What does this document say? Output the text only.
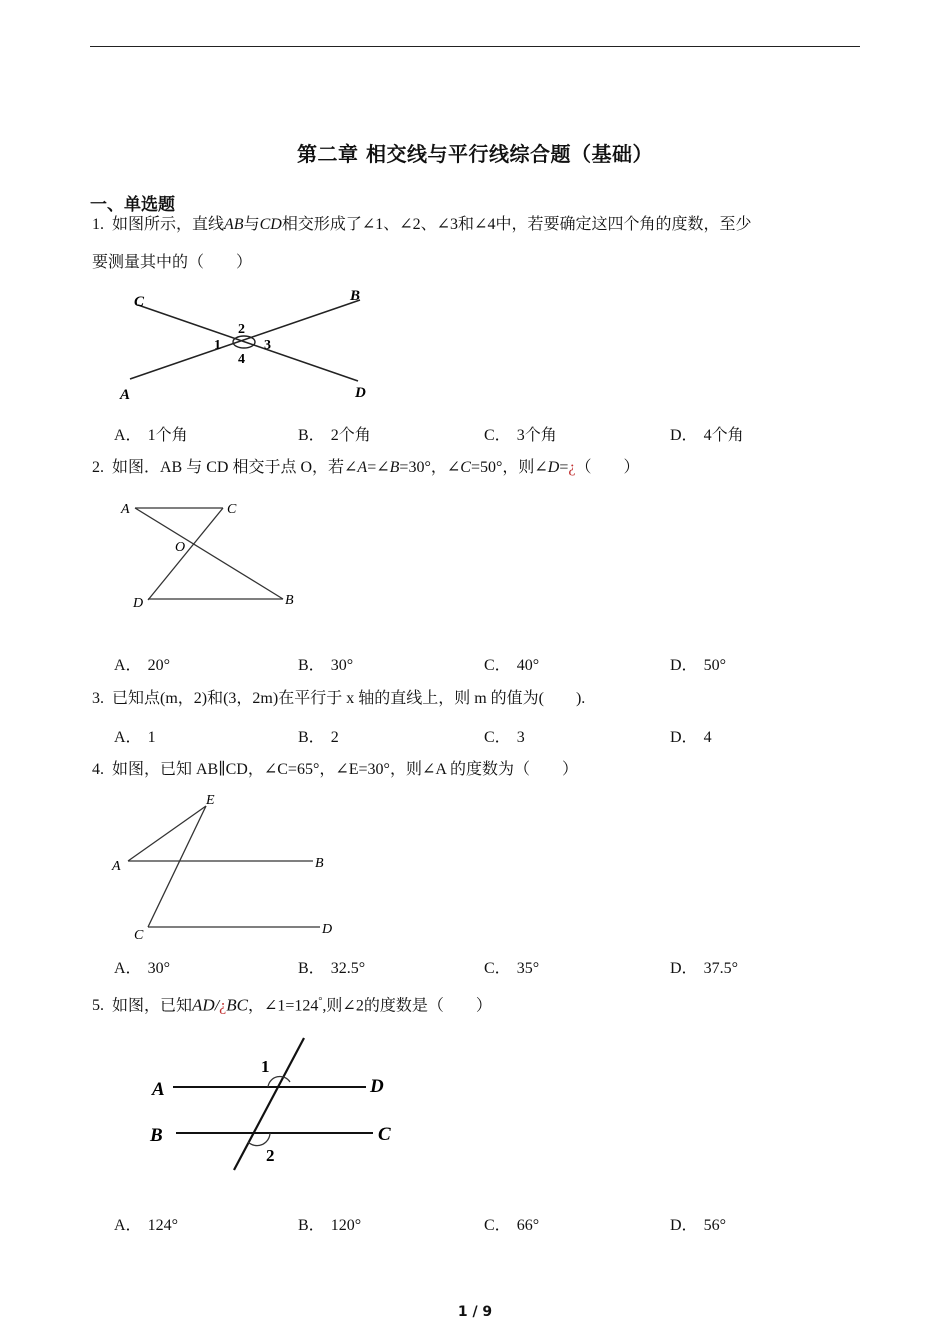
第二章 相交线与平行线综合题（基础）
一、单选题
1. 如图所示，直线AB与CD相交形成了∠1、∠2、∠3和∠4中，若要确定这四个角的度数，至少
要测量其中的（　　）
A
B
C
D
1
2
3
4
A． 1个角	B． 2个角	C． 3个角	D． 4个角
2. 如图．AB 与 CD 相交于点 O，若∠A=∠B=30°，∠C=50°，则∠D=¿（　　）
A	C
O
D	B
A． 20°	B． 30°	C． 40°	D． 50°
3. 已知点(m，2)和(3，2m)在平行于 x 轴的直线上，则 m 的值为(　　).
A． 1	B． 2	C． 3	D． 4
4. 如图，已知 AB∥CD，∠C=65°，∠E=30°，则∠A 的度数为（　　）
A	B
C	D
E
A． 30°	B． 32.5°	C． 35°	D． 37.5°
5. 如图，已知AD/¿BC，∠1=124°,则∠2的度数是（　　）
A	D
B	C
1
2
A． 124°	B． 120°	C． 66°	D． 56°
1 / 9
